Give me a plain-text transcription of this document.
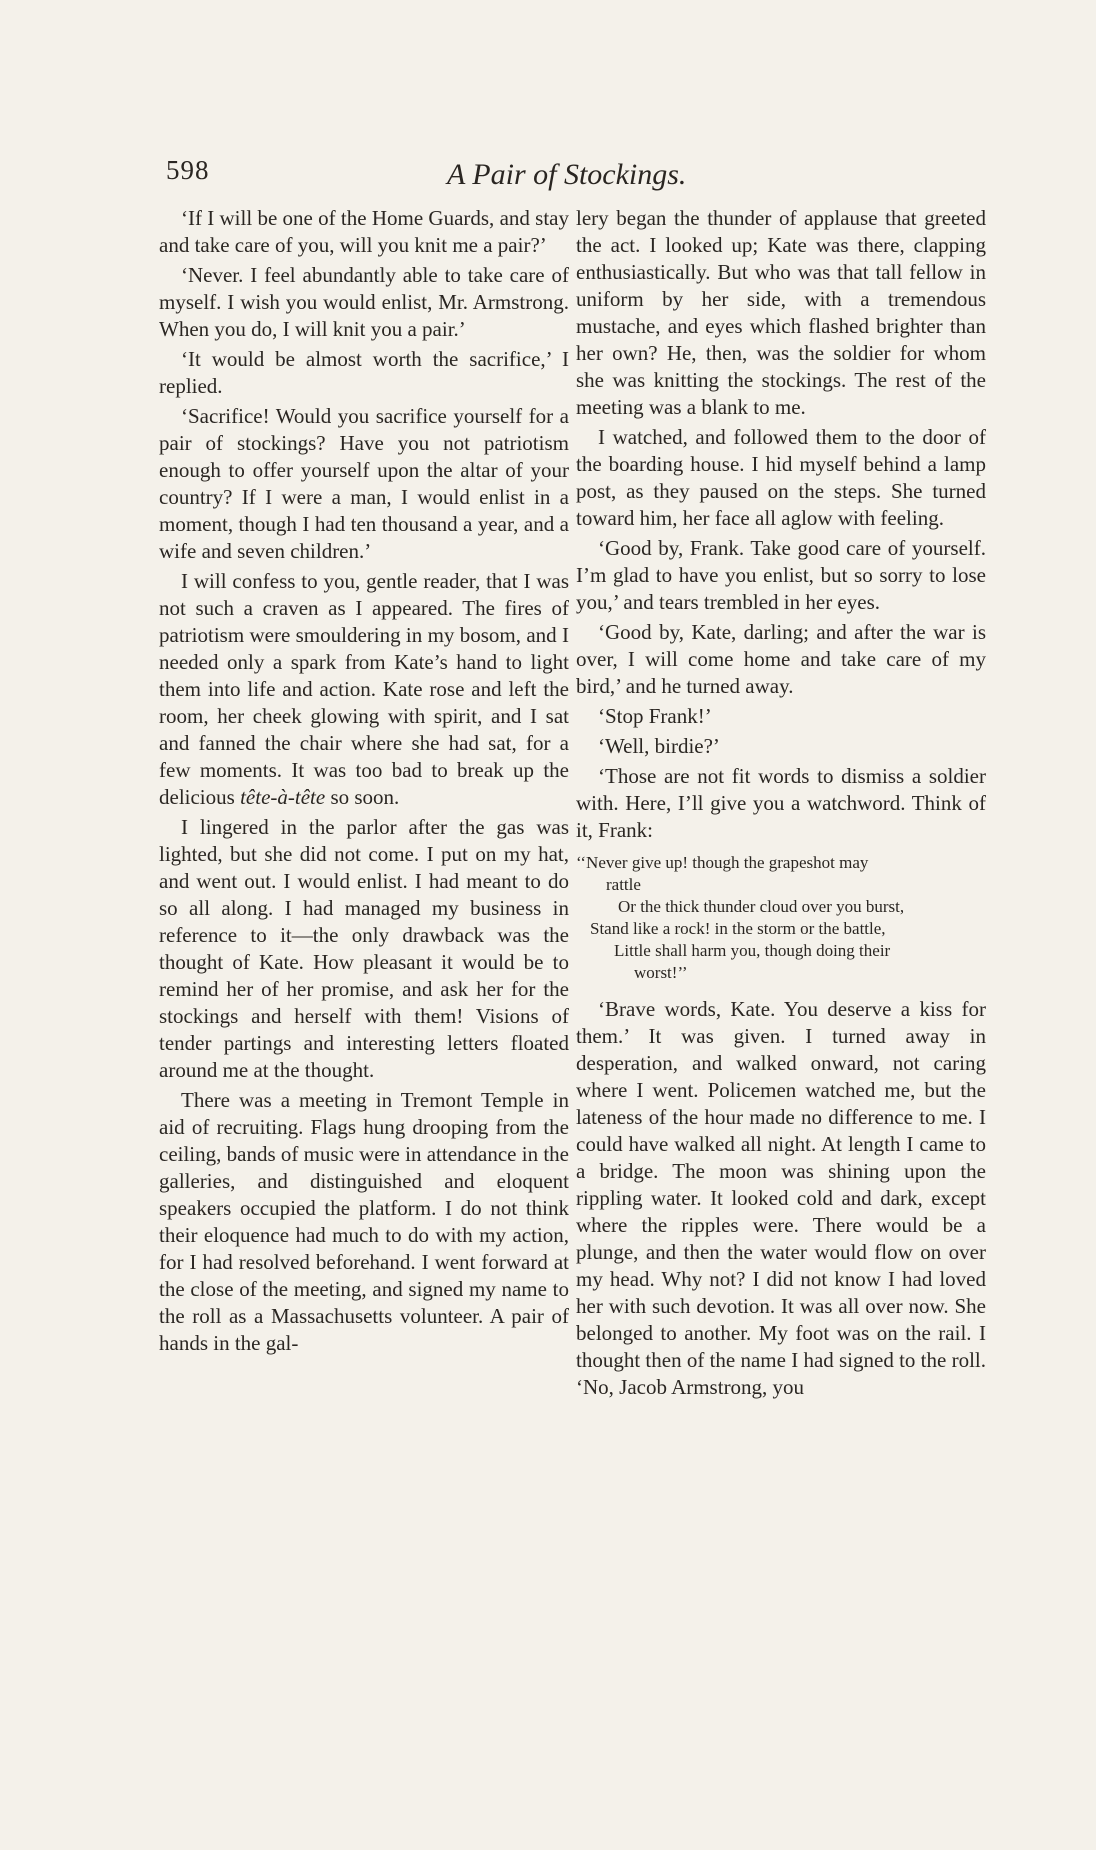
598	A Pair of Stockings.

‘If I will be one of the Home Guards, and stay and take care of you, will you knit me a pair?’

‘Never. I feel abundantly able to take care of myself. I wish you would enlist, Mr. Armstrong. When you do, I will knit you a pair.’

‘It would be almost worth the sacrifice,’ I replied.

‘Sacrifice! Would you sacrifice yourself for a pair of stockings? Have you not patriotism enough to offer yourself upon the altar of your country? If I were a man, I would enlist in a moment, though I had ten thousand a year, and a wife and seven children.’

I will confess to you, gentle reader, that I was not such a craven as I appeared. The fires of patriotism were smouldering in my bosom, and I needed only a spark from Kate’s hand to light them into life and action. Kate rose and left the room, her cheek glowing with spirit, and I sat and fanned the chair where she had sat, for a few moments. It was too bad to break up the delicious tête-à-tête so soon.

I lingered in the parlor after the gas was lighted, but she did not come. I put on my hat, and went out. I would enlist. I had meant to do so all along. I had managed my business in reference to it—the only drawback was the thought of Kate. How pleasant it would be to remind her of her promise, and ask her for the stockings and herself with them! Visions of tender partings and interesting letters floated around me at the thought.

There was a meeting in Tremont Temple in aid of recruiting. Flags hung drooping from the ceiling, bands of music were in attendance in the galleries, and distinguished and eloquent speakers occupied the platform. I do not think their eloquence had much to do with my action, for I had resolved beforehand. I went forward at the close of the meeting, and signed my name to the roll as a Massachusetts volunteer. A pair of hands in the gal-

lery began the thunder of applause that greeted the act. I looked up; Kate was there, clapping enthusiastically. But who was that tall fellow in uniform by her side, with a tremendous mustache, and eyes which flashed brighter than her own? He, then, was the soldier for whom she was knitting the stockings. The rest of the meeting was a blank to me.

I watched, and followed them to the door of the boarding house. I hid myself behind a lamp post, as they paused on the steps. She turned toward him, her face all aglow with feeling.

‘Good by, Frank. Take good care of yourself. I’m glad to have you enlist, but so sorry to lose you,’ and tears trembled in her eyes.

‘Good by, Kate, darling; and after the war is over, I will come home and take care of my bird,’ and he turned away.

‘Stop Frank!’

‘Well, birdie?’

‘Those are not fit words to dismiss a soldier with. Here, I’ll give you a watchword. Think of it, Frank:

‘‘Never give up! though the grapeshot may
rattle
Or the thick thunder cloud over you burst,
Stand like a rock! in the storm or the battle,
Little shall harm you, though doing their
worst!’’

‘Brave words, Kate. You deserve a kiss for them.’ It was given. I turned away in desperation, and walked onward, not caring where I went. Policemen watched me, but the lateness of the hour made no difference to me. I could have walked all night. At length I came to a bridge. The moon was shining upon the rippling water. It looked cold and dark, except where the ripples were. There would be a plunge, and then the water would flow on over my head. Why not? I did not know I had loved her with such devotion. It was all over now. She belonged to another. My foot was on the rail. I thought then of the name I had signed to the roll. ‘No, Jacob Armstrong, you
